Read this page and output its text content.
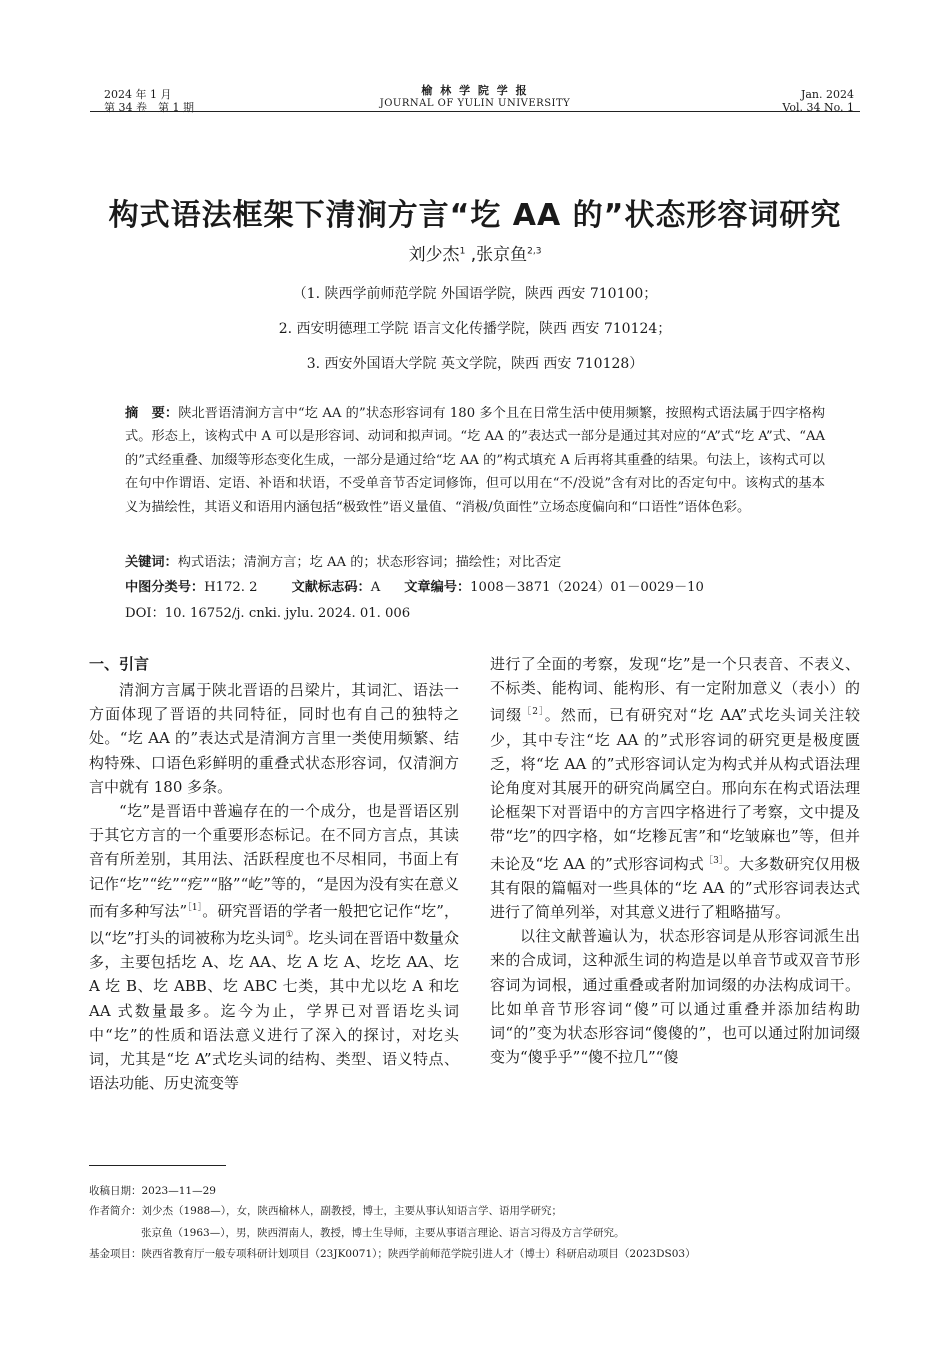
2024 年 1 月
第 34 卷　第 1 期
榆 林 学 院 学 报
JOURNAL OF YULIN UNIVERSITY
Jan. 2024
Vol. 34 No. 1
构式语法框架下清涧方言“圪 AA 的”状态形容词研究
刘少杰$^1$ ,张京鱼$^{2,3}$
（1. 陕西学前师范学院 外国语学院，陕西 西安 710100；
2. 西安明德理工学院 语言文化传播学院，陕西 西安 710124；
3. 西安外国语大学院 英文学院，陕西 西安 710128）
摘　要：陕北晋语清涧方言中“圪 AA 的”状态形容词有 180 多个且在日常生活中使用频繁，按照构式语法属于四字格构式。形态上，该构式中 A 可以是形容词、动词和拟声词。“圪 AA 的”表达式一部分是通过其对应的“A”式“圪 A”式、“AA 的”式经重叠、加缀等形态变化生成，一部分是通过给“圪 AA 的”构式填充 A 后再将其重叠的结果。句法上，该构式可以在句中作谓语、定语、补语和状语，不受单音节否定词修饰，但可以用在“不/没说”含有对比的否定句中。该构式的基本义为描绘性，其语义和语用内涵包括“极致性”语义量值、“消极/负面性”立场态度偏向和“口语性”语体色彩。
关键词：构式语法；清涧方言；圪 AA 的；状态形容词；描绘性；对比否定
中图分类号：H172. 2	文献标志码：A 文章编号：1008－3871（2024）01－0029－10
DOI：10. 16752/j. cnki. jylu. 2024. 01. 006
一、引言

清涧方言属于陕北晋语的吕梁片，其词汇、语法一方面体现了晋语的共同特征，同时也有自己的独特之处。“圪 AA 的”表达式是清涧方言里一类使用频繁、结构特殊、口语色彩鲜明的重叠式状态形容词，仅清涧方言中就有 180 多条。

“圪”是晋语中普遍存在的一个成分，也是晋语区别于其它方言的一个重要形态标记。在不同方言点，其读音有所差别，其用法、活跃程度也不尽相同，书面上有记作“圪”“纥”“疙”“胳”“屹”等的，“是因为没有实在意义而有多种写法”$^{[1]}$。研究晋语的学者一般把它记作“圪”，以“圪”打头的词被称为圪头词①。圪头词在晋语中数量众多，主要包括圪 A、圪 AA、圪 A 圪 A、圪圪 AA、圪 A 圪 B、圪 ABB、圪 ABC 七类，其中尤以圪 A 和圪 AA 式数量最多。迄今为止，学界已对晋语圪头词中“圪”的性质和语法意义进行了深入的探讨，对圪头词，尤其是“圪 A”式圪头词的结构、类型、语义特点、语法功能、历史流变等

进行了全面的考察，发现“圪”是一个只表音、不表义、不标类、能构词、能构形、有一定附加意义（表小）的词缀$^{[2]}$。然而，已有研究对“圪 AA”式圪头词关注较少，其中专注“圪 AA 的”式形容词的研究更是极度匮乏，将“圪 AA 的”式形容词认定为构式并从构式语法理论角度对其展开的研究尚属空白。邢向东在构式语法理论框架下对晋语中的方言四字格进行了考察，文中提及带“圪”的四字格，如“圪糁瓦害”和“圪皱麻也”等，但并未论及“圪 AA 的”式形容词构式$^{[3]}$。大多数研究仅用极其有限的篇幅对一些具体的“圪 AA 的”式形容词表达式进行了简单列举，对其意义进行了粗略描写。

以往文献普遍认为，状态形容词是从形容词派生出来的合成词，这种派生词的构造是以单音节或双音节形容词为词根，通过重叠或者附加词缀的办法构成词干。比如单音节形容词“傻”可以通过重叠并添加结构助词“的”变为状态形容词“傻傻的”，也可以通过附加词缀变为“傻乎乎”“傻不拉几”“傻

收稿日期：2023—11—29
作者简介：刘少杰（1988—），女，陕西榆林人，副教授，博士，主要从事认知语言学、语用学研究；
张京鱼（1963—），男，陕西渭南人，教授，博士生导师，主要从事语言理论、语言习得及方言学研究。
基金项目：陕西省教育厅一般专项科研计划项目（23JK0071）；陕西学前师范学院引进人才（博士）科研启动项目（2023DS03）
